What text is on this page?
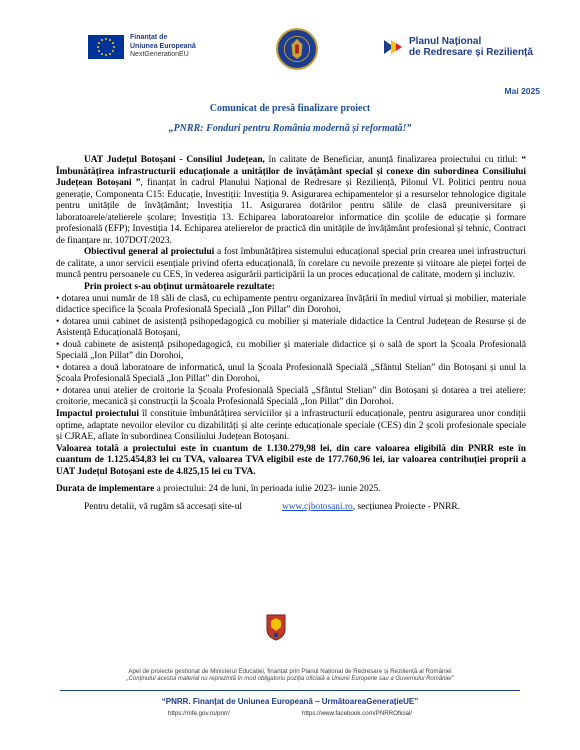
Finanțat de
Uniunea Europeană
NextGenerationEU
Planul Național
de Redresare și Reziliență
Mai 2025
Comunicat de presă finalizare proiect
„PNRR: Fonduri pentru România modernă și reformată!”

UAT Județul Botoșani - Consiliul Județean, în calitate de Beneficiar, anunță finalizarea proiectului cu titlul: “ Îmbunătățirea infrastructurii educaționale a unităților de învățământ special și conexe din subordinea Consiliului Județean Botoșani ”, finanțat în cadrul Planului Național de Redresare și Reziliență, Pilonul VI. Politici pentru noua generație, Componenta C15: Educație, Investiții: Investiția 9. Asigurarea echipamentelor și a resurselor tehnologice digitale pentru unitățile de învățământ; Investiția 11. Asigurarea dotărilor pentru sălile de clasă preuniversitare și laboratoarele/atelierele școlare; Investiția 13. Echiparea laboratoarelor informatice din școlile de educație și formare profesională (EFP); Investiția 14. Echiparea atelierelor de practică din unitățile de învățământ profesional și tehnic, Contract de finanțare nr. 107DOT/2023.

Obiectivul general al proiectului a fost îmbunătățirea sistemului educațional special prin crearea unei infrastructuri de calitate, a unor servicii esențiale privind oferta educațională, în corelare cu nevoile prezente și viitoare ale pieței forței de muncă pentru persoanele cu CES, în vederea asigurării participării la un proces educațional de calitate, modern și incluziv.

Prin proiect s-au obținut următoarele rezultate:

• dotarea unui număr de 18 săli de clasă, cu echipamente pentru organizarea învățării în mediul virtual și mobilier, materiale didactice specifice la Școala Profesională Specială „Ion Pillat” din Dorohoi,

• dotarea unui cabinet de asistență psihopedagogică cu mobilier și materiale didactice la Centrul Județean de Resurse și de Asistență Educațională Botoșani,

• două cabinete de asistență psihopedagogică, cu mobilier și materiale didactice și o sală de sport la Școala Profesională Specială „Ion Pillat” din Dorohoi,

• dotarea a două laboratoare de informatică, unul la Școala Profesională Specială „Sfântul Stelian” din Botoșani și unul la Școala Profesională Specială „Ion Pillat” din Dorohoi,

• dotarea unui atelier de croitorie la Școala Profesională Specială „Sfântul Stelian” din Botoșani și dotarea a trei ateliere: croitorie, mecanică și construcții la Școala Profesională Specială „Ion Pillat” din Dorohoi.

Impactul proiectului îl constituie îmbunătățirea serviciilor și a infrastructurii educaționale, pentru asigurarea unor condiții optime, adaptate nevoilor elevilor cu dizabilități și alte cerințe educaționale speciale (CES) din 2 școli profesionale speciale și CJRAE, aflate în subordinea Consiliului Județean Botoșani.

Valoarea totală a proiectului este în cuantum de 1.130.279,98 lei, din care valoarea eligibilă din PNRR este în cuantum de 1.125.454,83 lei cu TVA, valoarea TVA eligibil este de 177.760,96 lei, iar valoarea contribuției proprii a UAT Județul Botoșani este de 4.825,15 lei cu TVA.

Durata de implementare a proiectului: 24 de luni, în perioada iulie 2023- iunie 2025.

Pentru detalii, vă rugăm să accesați site-ul	www.cjbotosani.ro, secțiunea Proiecte - PNRR.

Apel de proiecte gestionat de Ministerul Educației, finanțat prin Planul Național de Redresare și Reziliență al României
„Conținutul acestui material nu reprezintă în mod obligatoriu poziția oficială a Uniunii Europene sau a Guvernului României”
“PNRR. Finanțat de Uniunea Europeană – UrmătoareaGenerațieUE”
https://mfe.gov.ro/pnrr/	https://www.facebook.com/PNRROficial/
